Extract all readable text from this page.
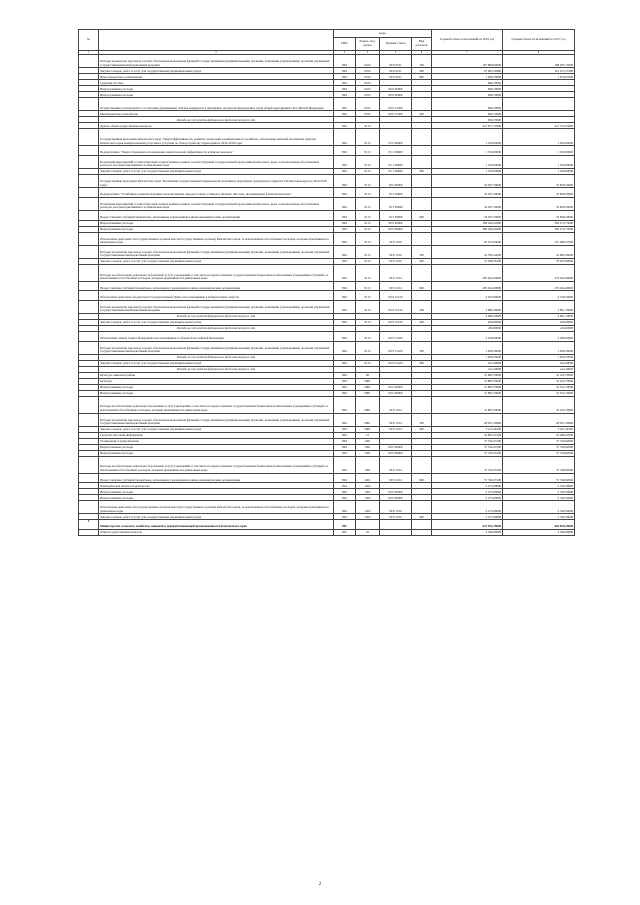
№		коды				Годовой объем ассигнований на 2016 год	Годовой объем ассигнований на 2017 год
		ГРБС	Раздел, под-раздел	Целевая статья	Вид расходов		
1	2	3	4	5	6	7	8
	Расходы на выплаты персоналу в целях обеспечения выполнения функций государственными (муниципальными) органами, казенными учреждениями, органами управления государственными внебюджетными фондами	804	0104	99 0 0101	100	187 889,60000	188 205,72600
	Закупка товаров, работ и услуг для государственных (муниципальных) нужд	804	0104	99 0 0101	200	97 963,19400	101 017,27400
	Иные бюджетные ассигнования	804	0104	99 0 0101	800	1 606,70000	1 676,07000
	Судебная система	804	0105			696,70000	
	Непрограммные расходы	804	0105	99 0 00000		696,70000	
	Непрограммные расходы	804	0105	99 0 00000		696,70000	
	Осуществление полномочий по составлению (изменению) списков кандидатов в присяжные заседатели федеральных судов общей юрисдикции в Российской Федерации	804	0105	99 0 51200		696,70000	
	Межбюджетные трансферты	804	0105	99 0 51200	500	696,70000	
	Расходы за счет средств федерального бюджета текущего года					696,70000	
	Другие общегосударственные вопросы	804	0113			421 877,72900	421 733,23000
	Государственная программа Камчатского края "Энергоэффективность, развитие энергетики и коммунального хозяйства, обеспечение жителей населенных пунктов Камчатского края коммунальными услугами и услугами по благоустройству территорий на 2014-2018 годы"	804	0113	05 0 00000		1 550,00000	1 630,00000
	Подпрограмма "Энергосбережение и повышение энергетической эффективности в Камчатском крае"	804	0113	05 1 00000		1 550,00000	1 630,00000
	Реализация мероприятий соответствующей подпрограммы в рамках соответствующей государственной программы Камчатского края, за исключением обособленных расходов, которым присваиваются уникальные коды	804	0113	05 1 09990		1 550,00000	1 630,00000
	Закупка товаров, работ и услуг для государственных (муниципальных) нужд	804	0113	05 1 09990	200	1 550,00000	1 630,00000
	Государственная программа Камчатского края "Реализация государственной национальной политики и укрепление гражданского единства в Камчатском крае на 2014-2018 годы"	804	0113	18 0 00000		34 037,50000	35 828,50000
	Подпрограмма "Устойчивое развитие коренных малочисленных народов Севера, Сибири и Дальнего Востока, проживающих в Камчатском крае"	804	0113	18 3 00000		34 037,50000	35 828,50000
	Реализация мероприятий соответствующей подпрограммы в рамках соответствующей государственной программы Камчатского края, за исключением обособленных расходов, которым присваиваются уникальные коды	804	0113	18 3 09999		34 037,50000	35 828,50000
	Предоставление субсидий бюджетным, автономным учреждениям и иным некоммерческим организациям	804	0113	18 3 09999	600	34 037,50000	35 828,50000
	Непрограммные расходы	804	0113	99 0 00000		386 290,22900	384 274,73000
	Непрограммные расходы	804	0113	99 0 00000		386 290,22900	384 274,73000
	Обеспечение деятельности государственных органов власти (государственных органов) Камчатского края, за исключением обособленных расходов, которым присваиваются уникальные коды	804	0113	99 0 1010		95 072,63000	101 080,27000
	Расходы на выплаты персоналу в целях обеспечения выполнения функций государственными (муниципальными) органами, казенными учреждениями, органами управления государственными внебюджетными фондами	804	0113	99 0 1010	100	22 784,14000	22 884,58000
	Закупка товаров, работ и услуг для государственных (муниципальных) нужд	804	0113	99 0 1010	200	72 288,58100	78 295,69000
	Расходы на обеспечение деятельности (оказание услуг) учреждений, в том числе на предоставление государственным бюджетным и автономным учреждениям субсидий, за исключением обособленных расходов, которым присваиваются уникальные коды	804	0113	99 0 1014		285 643,29800	276 494,49000
	Предоставление субсидий бюджетным, автономным учреждениям и иным некоммерческим организациям	804	0113	99 0 1014	600	285 643,29800	276 494,49000
	Обеспечение деятельности депутатов Государственной Думы и их помощников в избирательных округах	804	0113	99 0 51410		4 293,00000	4 318,50000
	Расходы на выплаты персоналу в целях обеспечения выполнения функций государственными (муниципальными) органами, казенными учреждениями, органами управления государственными внебюджетными фондами	804	0113	99 0 51410	100	3 886,30000	3 891,70000
	Расходы за счет средств федерального бюджета текущего года					3 886,30000	3 891,70000
	Закупка товаров, работ и услуг для государственных (муниципальных) нужд	804	0113	99 0 51410	200	406,80000	426,80000
	Расходы за счет средств федерального бюджета текущего года					406,80000	426,80000
	Обеспечение членов Совета Федерации и их помощников в субъектах Российской Федерации	804	0113	99 0 51420		2 258,00000	2 280,00000
	Расходы на выплаты персоналу в целях обеспечения выполнения функций государственными (муниципальными) органами, казенными учреждениями, органами управления государственными внебюджетными фондами	804	0113	99 0 51420	100	1 836,30000	1 836,50000
	Расходы за счет средств федерального бюджета текущего года					1 836,30000	1 836,50000
	Закупка товаров, работ и услуг для государственных (муниципальных) нужд	804	0113	99 0 51420	200	422,40000	444,40000
	Расходы за счет средств федерального бюджета текущего года					422,40000	444,40000
	Культура, кинематография	804	08			31 883,70000	32 102,70000
	Культура	804	0801			31 883,70000	32 102,70000
	Непрограммные расходы	804	0801	99 0 00000		31 883,70000	32 102,70000
	Непрограммные расходы	804	0801	99 0 00000		31 883,70000	32 102,70000
	Расходы на обеспечение деятельности (оказание услуг) учреждений, в том числе на предоставление государственным бюджетным и автономным учреждениям субсидий, за исключением обособленных расходов, которым присваиваются уникальные коды	804	0801	99 0 1014		31 883,70000	32 102,70000
	Расходы на выплаты персоналу в целях обеспечения выполнения функций государственными (муниципальными) органами, казенными учреждениями, органами управления государственными внебюджетными фондами	804	0801	99 0 1014	100	28 671,20900	28 671,20900
	Закупка товаров, работ и услуг для государственных (муниципальных) нужд	804	0801	99 0 1014	200	3 212,49100	3 431,49100
	Средства массовой информации	804	12			42 805,47200	43 289,22000
	Телевидение и радиовещание	804	1201			37 530,47200	37 740,82000
	Непрограммные расходы	804	1201	99 0 00000		37 530,47200	37 740,82000
	Непрограммные расходы	804	1201	99 0 00000		37 530,47200	37 740,82000
	Расходы на обеспечение деятельности (оказание услуг) учреждений, в том числе на предоставление государственным бюджетным и автономным учреждениям субсидий, за исключением обособленных расходов, которым присваиваются уникальные коды	804	1201	99 0 1014		37 530,47200	37 740,82000
	Предоставление субсидий бюджетным, автономным учреждениям и иным некоммерческим организациям	804	1201	99 0 1014	600	37 530,47200	37 740,82000
	Периодическая печать и издательства	804	1202			5 275,00000	5 549,30000
	Непрограммные расходы	804	1202	99 0 00000		5 275,00000	5 549,30000
	Непрограммные расходы	804	1202	99 0 00000		5 275,00000	5 549,30000
	Обеспечение деятельности государственных органов власти (государственных органов) Камчатского края, за исключением обособленных расходов, которым присваиваются уникальные коды	804	1202	99 0 1010		5 275,00000	5 549,30000
	Закупка товаров, работ и услуг для государственных (муниципальных) нужд	804	1202	99 0 1010	200	5 275,00000	5 549,30000
5	Министерство сельского хозяйства, пищевой и перерабатывающей промышленности Камчатского края	807				625 032,70000	664 828,29000
	Общегосударственные вопросы	807	01			3 396,00000	3 396,00000
2
